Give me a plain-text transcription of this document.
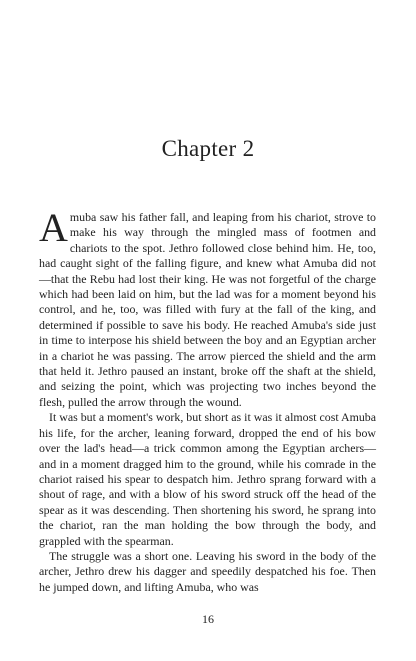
Chapter 2

Amuba saw his father fall, and leaping from his chariot, strove to make his way through the mingled mass of footmen and chariots to the spot. Jethro followed close behind him. He, too, had caught sight of the falling figure, and knew what Amuba did not—that the Rebu had lost their king. He was not forgetful of the charge which had been laid on him, but the lad was for a moment beyond his control, and he, too, was filled with fury at the fall of the king, and determined if possible to save his body. He reached Amuba's side just in time to interpose his shield between the boy and an Egyptian archer in a chariot he was passing. The arrow pierced the shield and the arm that held it. Jethro paused an instant, broke off the shaft at the shield, and seizing the point, which was projecting two inches beyond the flesh, pulled the arrow through the wound.

It was but a moment's work, but short as it was it almost cost Amuba his life, for the archer, leaning forward, dropped the end of his bow over the lad's head—a trick common among the Egyptian archers—and in a moment dragged him to the ground, while his comrade in the chariot raised his spear to despatch him. Jethro sprang forward with a shout of rage, and with a blow of his sword struck off the head of the spear as it was descending. Then shortening his sword, he sprang into the chariot, ran the man holding the bow through the body, and grappled with the spearman.

The struggle was a short one. Leaving his sword in the body of the archer, Jethro drew his dagger and speedily despatched his foe. Then he jumped down, and lifting Amuba, who was

16
